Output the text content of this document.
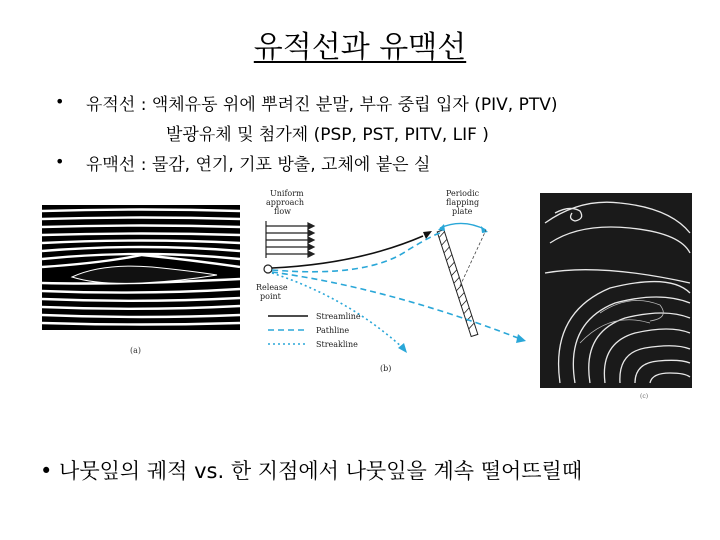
유적선과 유맥선
• 유적선 : 액체유동 위에 뿌려진 분말, 부유 중립 입자 (PIV, PTV)
발광유체 및 첨가제 (PSP, PST, PITV, LIF )
• 유맥선 : 물감, 연기, 기포 방출, 고체에 붙은 실
(a)
Uniform
approach
flow
Periodic
flapping
plate
Release
point
(b)
Streamline
Pathline
Streakline
(c)
• 나뭇잎의 궤적 vs. 한 지점에서 나뭇잎을 계속 떨어뜨릴때
